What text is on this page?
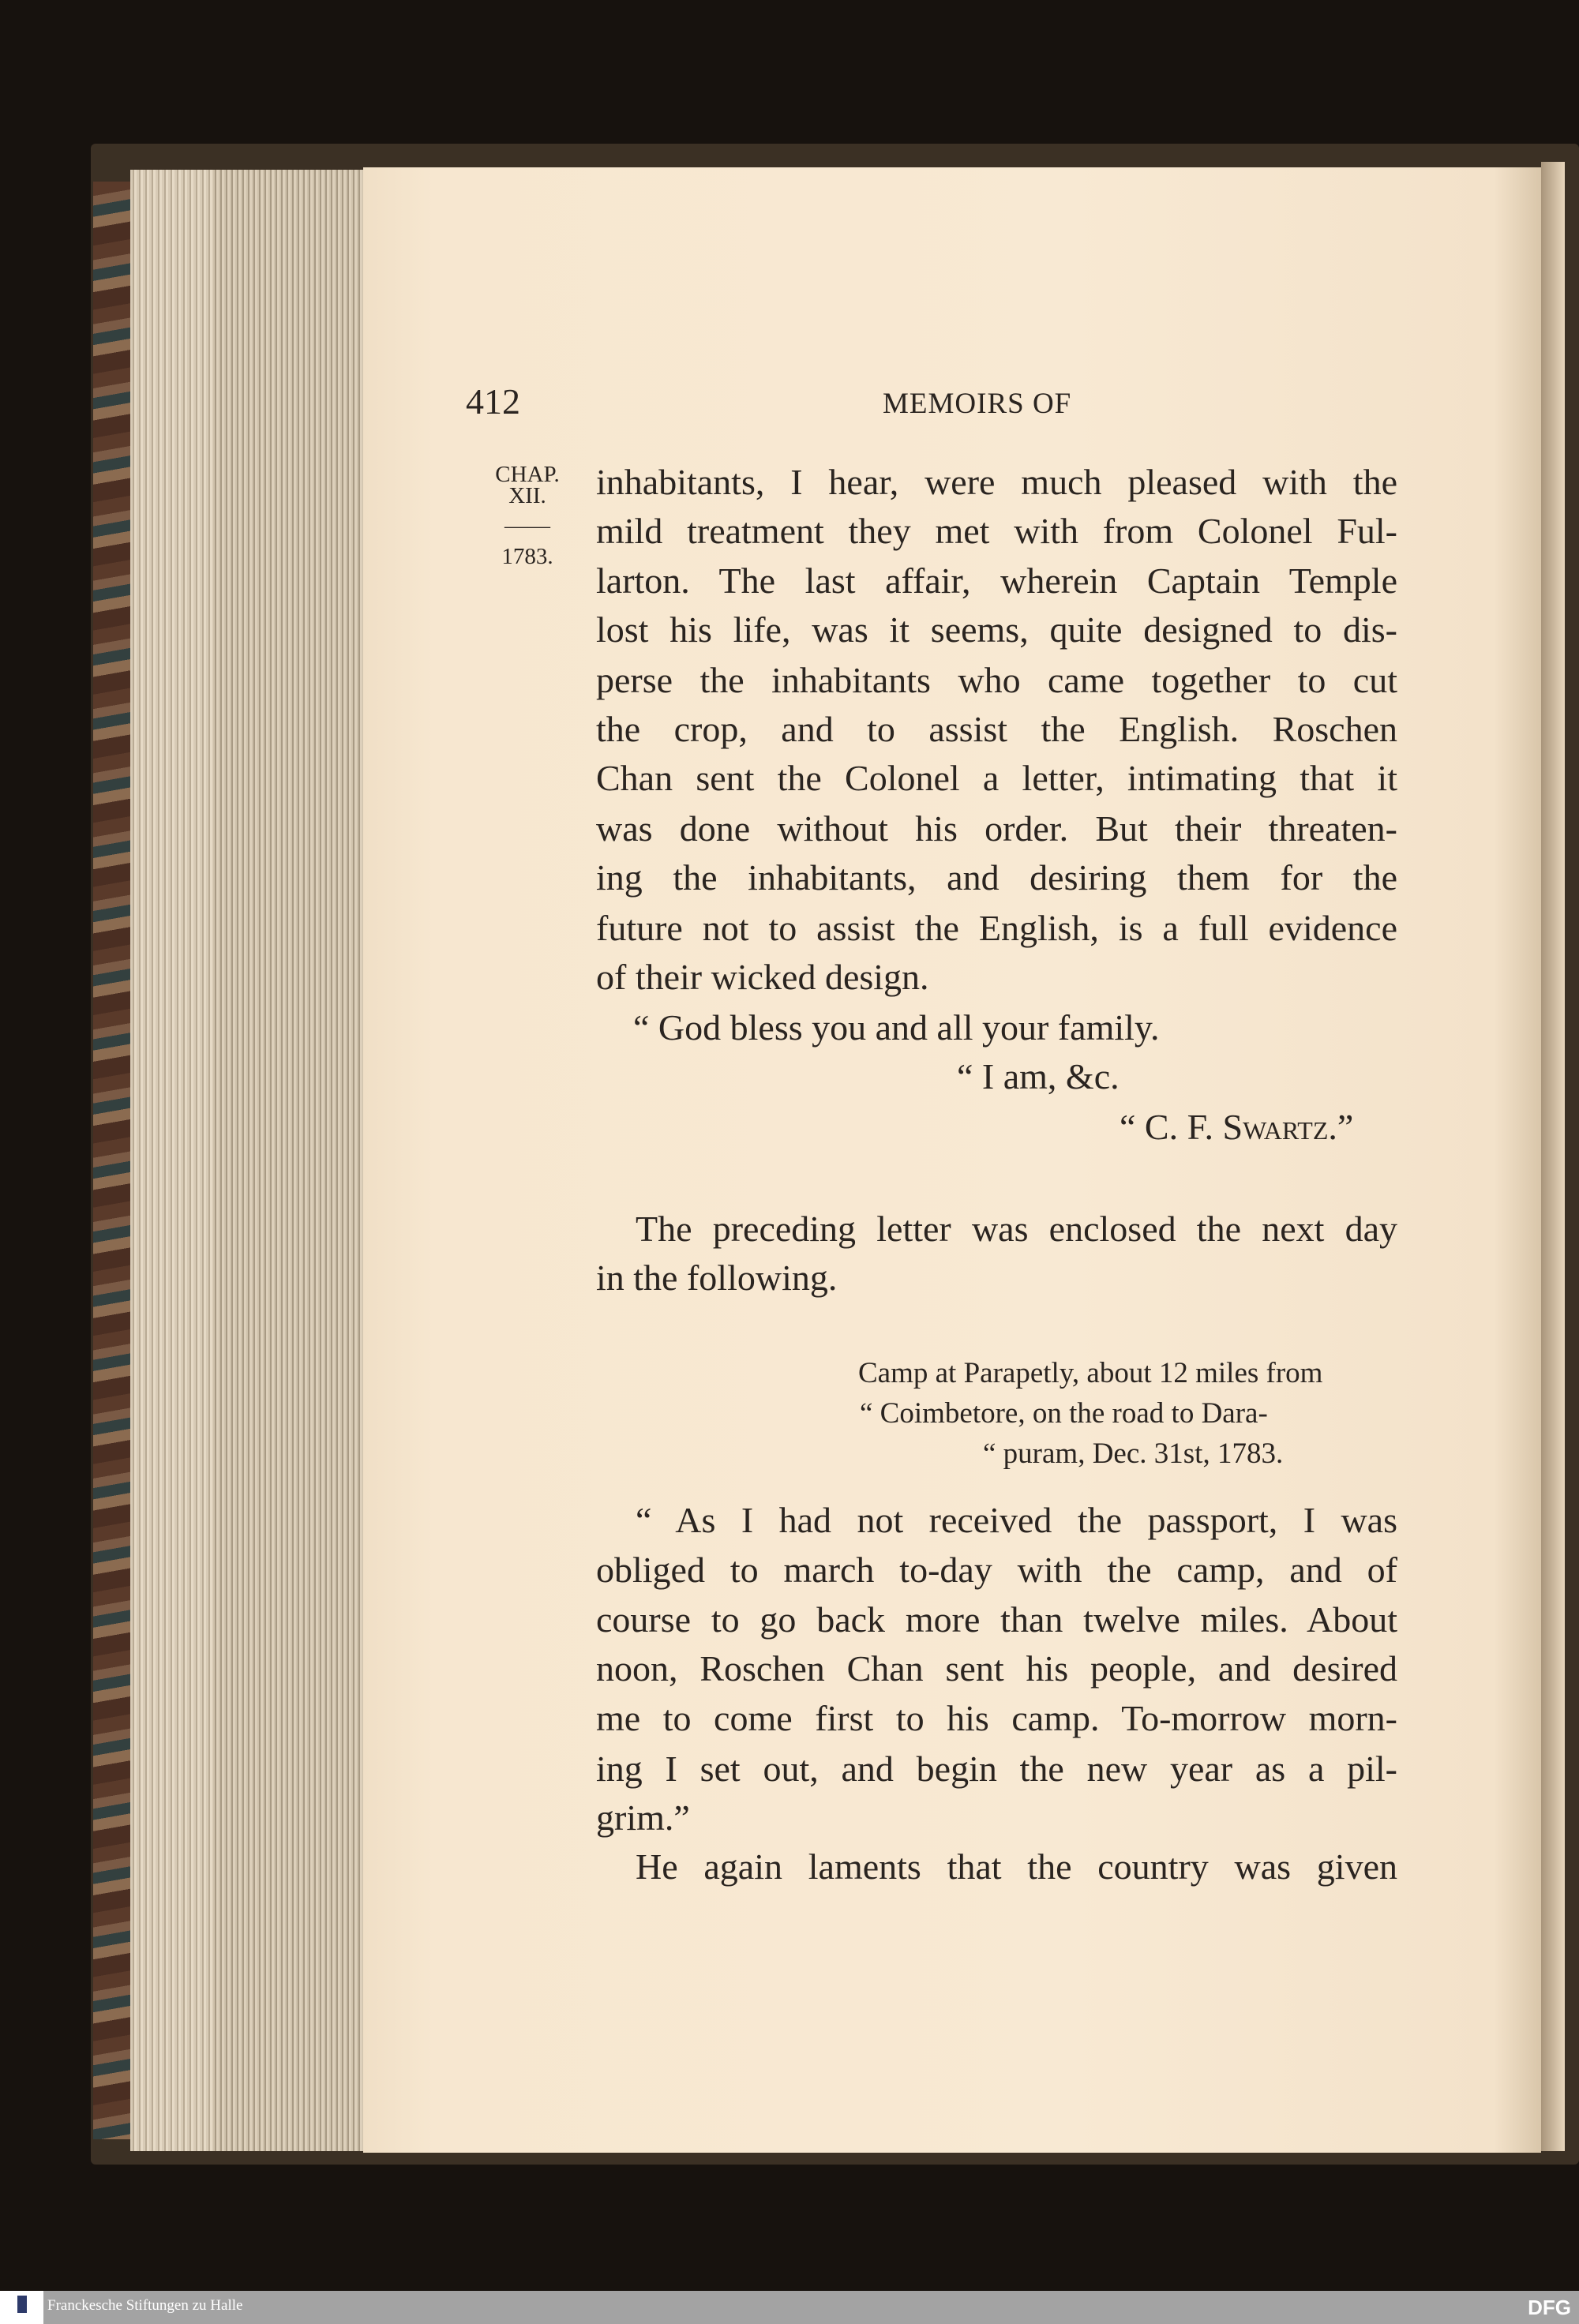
412	MEMOIRS OF
CHAP.
XII.
——
1783.
inhabitants, I hear, were much pleased with the
mild treatment they met with from Colonel Ful-
larton. The last affair, wherein Captain Temple
lost his life, was it seems, quite designed to dis-
perse the inhabitants who came together to cut
the crop, and to assist the English. Roschen
Chan sent the Colonel a letter, intimating that it
was done without his order. But their threaten-
ing the inhabitants, and desiring them for the
future not to assist the English, is a full evidence
of their wicked design.
“ God bless you and all your family.
“ I am, &c.
“ C. F. Swartz.”
The preceding letter was enclosed the next day
in the following.
Camp at Parapetly, about 12 miles from
“ Coimbetore, on the road to Dara-
“ puram, Dec. 31st, 1783.
“ As I had not received the passport, I was
obliged to march to-day with the camp, and of
course to go back more than twelve miles. About
noon, Roschen Chan sent his people, and desired
me to come first to his camp. To-morrow morn-
ing I set out, and begin the new year as a pil-
grim.”
He again laments that the country was given
Franckesche Stiftungen zu Halle	DFG
